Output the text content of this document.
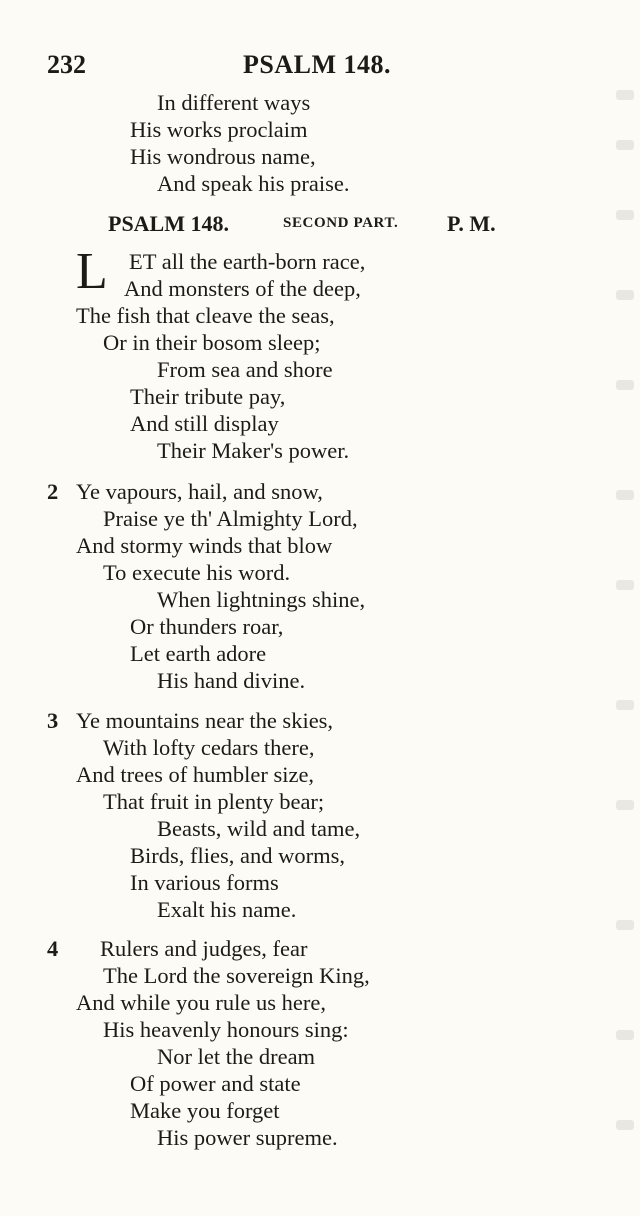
232	PSALM 148.
In different ways
His works proclaim
His wondrous name,
And speak his praise.
PSALM 148.	SECOND PART. P. M.
L ET all the earth-born race,
And monsters of the deep,
The fish that cleave the seas,
Or in their bosom sleep;
From sea and shore
Their tribute pay,
And still display
Their Maker's power.
2 Ye vapours, hail, and snow,
Praise ye th' Almighty Lord,
And stormy winds that blow
To execute his word.
When lightnings shine,
Or thunders roar,
Let earth adore
His hand divine.
3 Ye mountains near the skies,
With lofty cedars there,
And trees of humbler size,
That fruit in plenty bear;
Beasts, wild and tame,
Birds, flies, and worms,
In various forms
Exalt his name.
4 Rulers and judges, fear
The Lord the sovereign King,
And while you rule us here,
His heavenly honours sing:
Nor let the dream
Of power and state
Make you forget
His power supreme.
